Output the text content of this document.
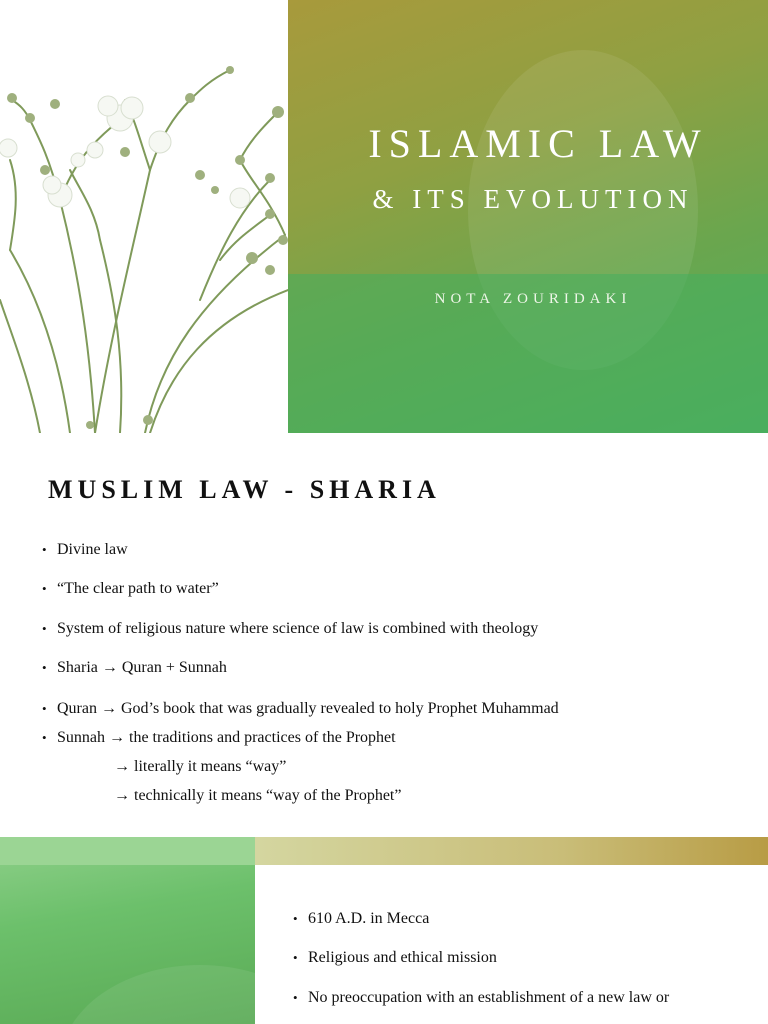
ISLAMIC LAW
& ITS EVOLUTION
NOTA ZOURIDAKI
MUSLIM LAW - SHARIA
• Divine law
• “The clear path to water”
• System of religious nature where science of law is combined with theology
• Sharia → Quran + Sunnah
• Quran → God’s book that was gradually revealed to holy Prophet Muhammad
• Sunnah → the traditions and practices of the Prophet
→ literally it means “way”
→ technically it means “way of the Prophet”
• 610 A.D. in Mecca
• Religious and ethical mission
• No preoccupation with an establishment of a new law or
